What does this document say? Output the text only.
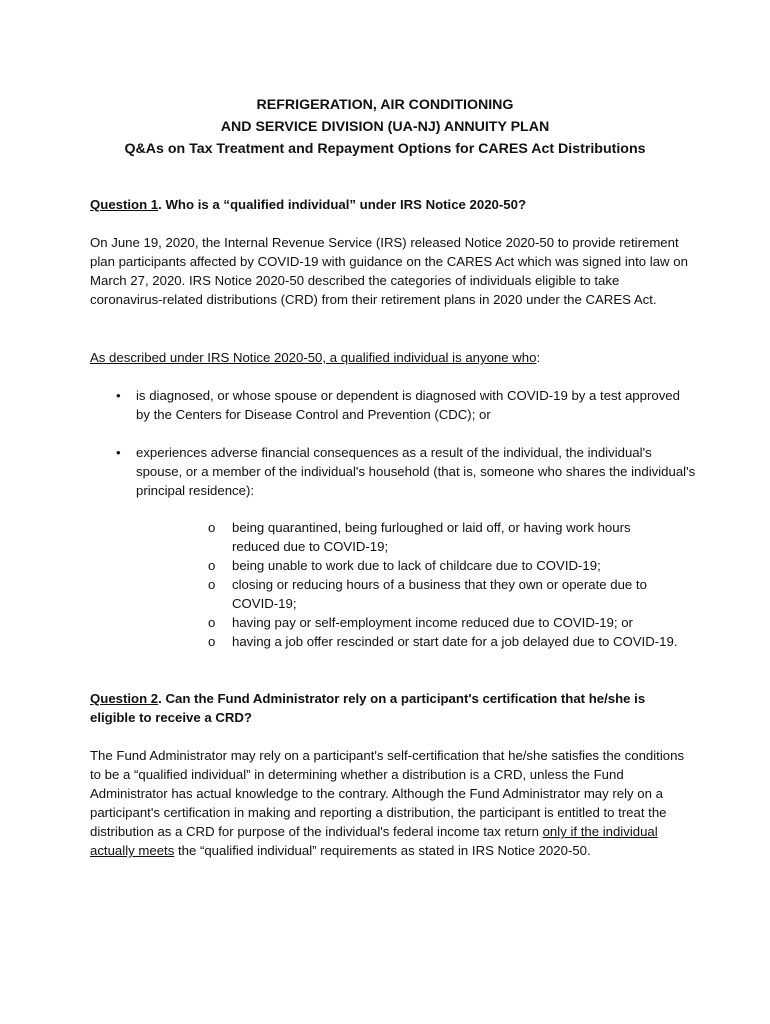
REFRIGERATION, AIR CONDITIONING
AND SERVICE DIVISION (UA-NJ) ANNUITY PLAN
Q&As on Tax Treatment and Repayment Options for CARES Act Distributions
Question 1. Who is a “qualified individual” under IRS Notice 2020-50?

On June 19, 2020, the Internal Revenue Service (IRS) released Notice 2020-50 to provide retirement plan participants affected by COVID-19 with guidance on the CARES Act which was signed into law on March 27, 2020. IRS Notice 2020-50 described the categories of individuals eligible to take coronavirus-related distributions (CRD) from their retirement plans in 2020 under the CARES Act.

As described under IRS Notice 2020-50, a qualified individual is anyone who:
•	is diagnosed, or whose spouse or dependent is diagnosed with COVID-19 by a test approved by the Centers for Disease Control and Prevention (CDC); or
•	experiences adverse financial consequences as a result of the individual, the individual's spouse, or a member of the individual's household (that is, someone who shares the individual's principal residence):
o	being quarantined, being furloughed or laid off, or having work hours reduced due to COVID-19;
o	being unable to work due to lack of childcare due to COVID-19;
o	closing or reducing hours of a business that they own or operate due to COVID-19;
o	having pay or self-employment income reduced due to COVID-19; or
o	having a job offer rescinded or start date for a job delayed due to COVID-19.
Question 2. Can the Fund Administrator rely on a participant's certification that he/she is eligible to receive a CRD?

The Fund Administrator may rely on a participant's self-certification that he/she satisfies the conditions to be a “qualified individual” in determining whether a distribution is a CRD, unless the Fund Administrator has actual knowledge to the contrary. Although the Fund Administrator may rely on a participant's certification in making and reporting a distribution, the participant is entitled to treat the distribution as a CRD for purpose of the individual's federal income tax return only if the individual actually meets the “qualified individual” requirements as stated in IRS Notice 2020-50.
